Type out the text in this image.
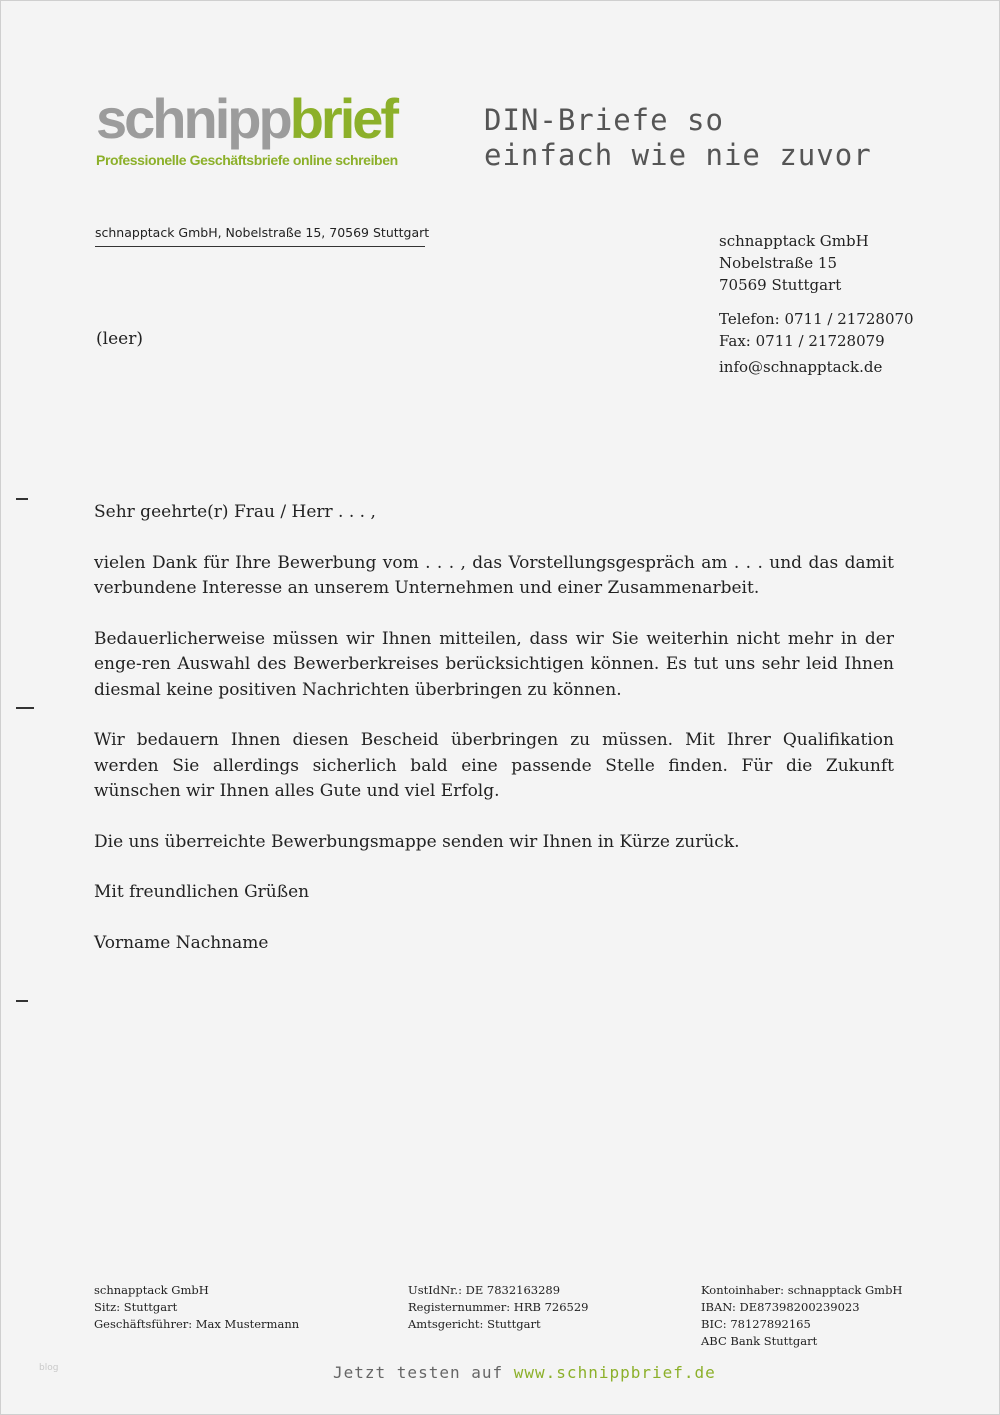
schnippbrief
Professionelle Geschäftsbriefe online schreiben
DIN-Briefe so
einfach wie nie zuvor
schnapptack GmbH, Nobelstraße 15, 70569 Stuttgart
(leer)
schnapptack GmbH
Nobelstraße 15
70569 Stuttgart
Telefon: 0711 / 21728070
Fax: 0711 / 21728079
info@schnapptack.de

Sehr geehrte(r) Frau / Herr . . . ,

vielen Dank für Ihre Bewerbung vom . . . , das Vorstellungsgespräch am . . . und das damit verbundene Interesse an unserem Unternehmen und einer Zusammenarbeit.

Bedauerlicherweise müssen wir Ihnen mitteilen, dass wir Sie weiterhin nicht mehr in der enge-ren Auswahl des Bewerberkreises berücksichtigen können. Es tut uns sehr leid Ihnen diesmal keine positiven Nachrichten überbringen zu können.

Wir bedauern Ihnen diesen Bescheid überbringen zu müssen. Mit Ihrer Qualifikation werden Sie allerdings sicherlich bald eine passende Stelle finden. Für die Zukunft wünschen wir Ihnen alles Gute und viel Erfolg.

Die uns überreichte Bewerbungsmappe senden wir Ihnen in Kürze zurück.

Mit freundlichen Grüßen

Vorname Nachname

schnapptack GmbH
Sitz: Stuttgart
Geschäftsführer: Max Mustermann
UstIdNr.: DE 7832163289
Registernummer: HRB 726529
Amtsgericht: Stuttgart
Kontoinhaber: schnapptack GmbH
IBAN: DE87398200239023
BIC: 78127892165
ABC Bank Stuttgart
blog	Jetzt testen auf www.schnippbrief.de
